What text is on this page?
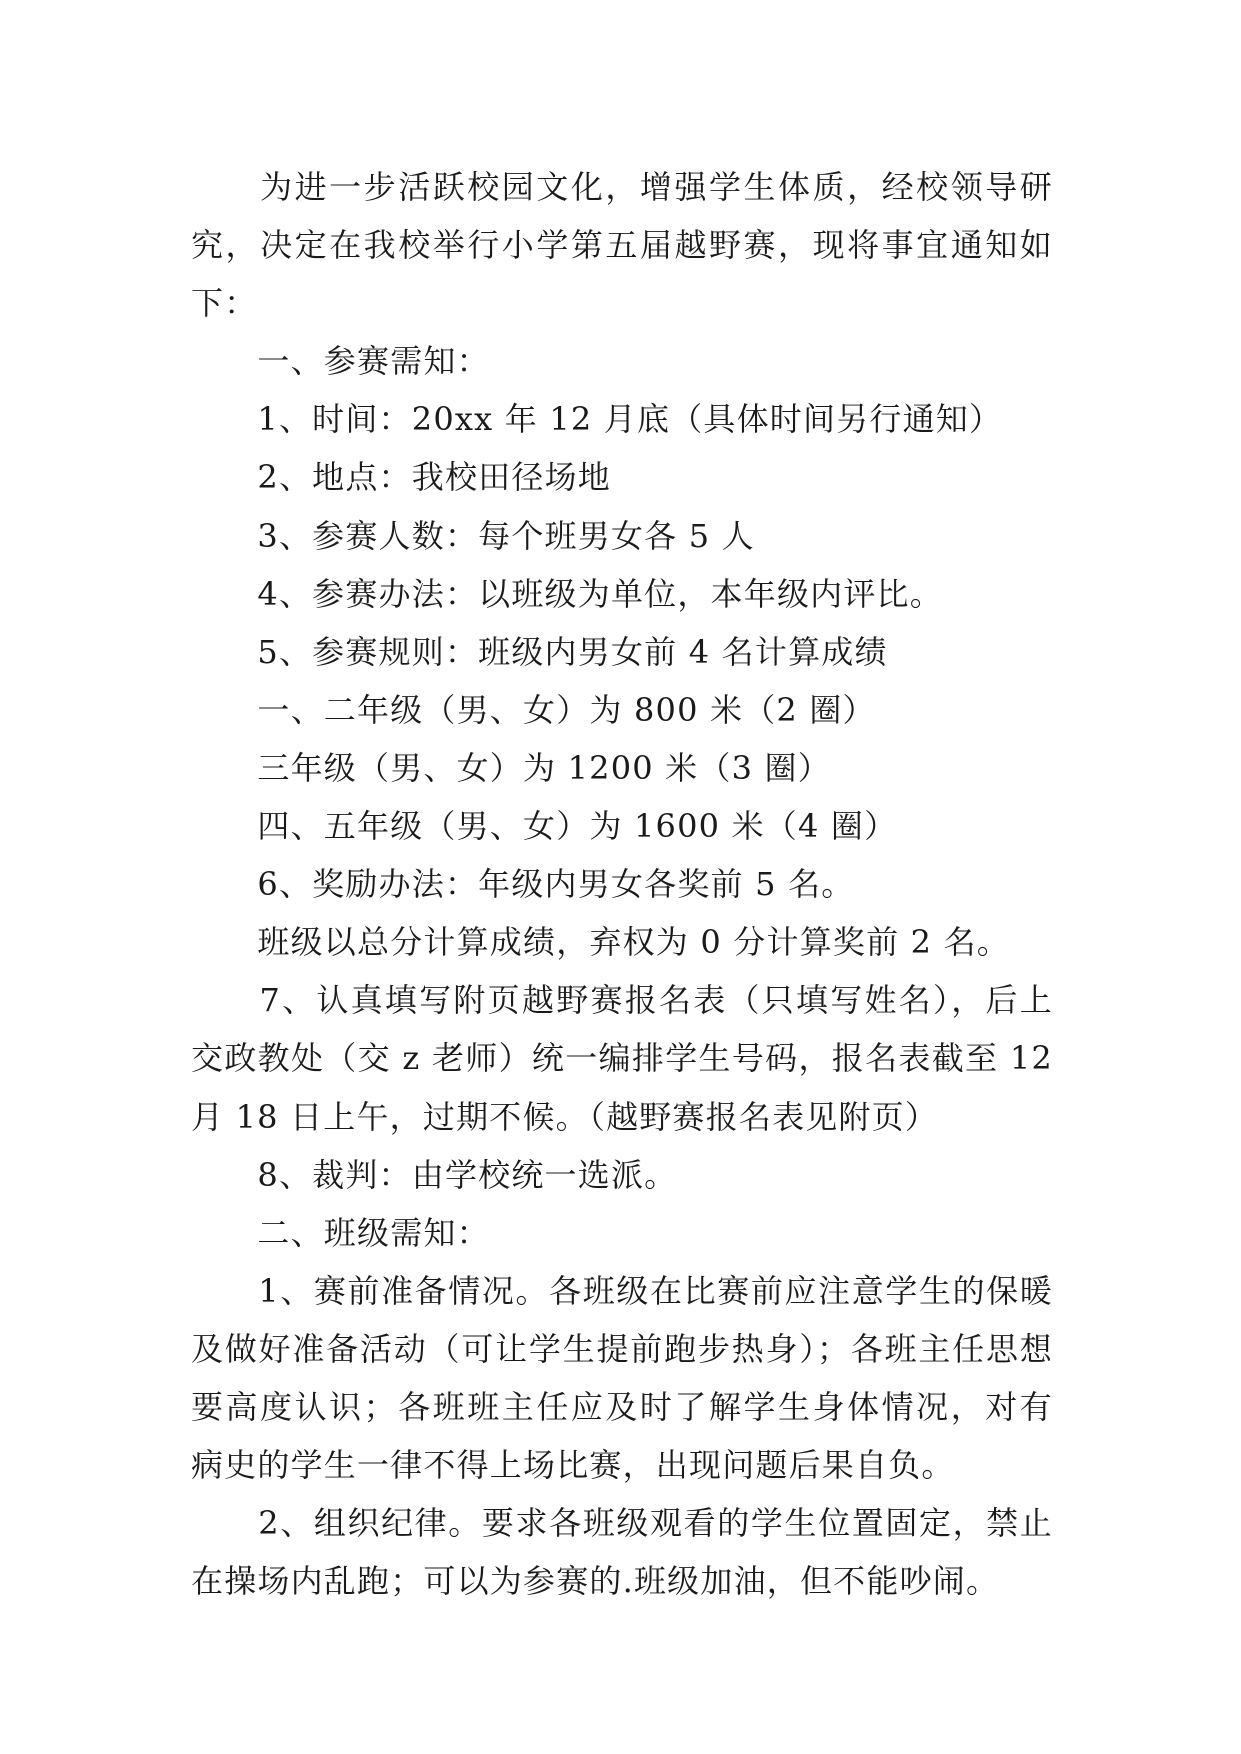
　　为进一步活跃校园文化，增强学生体质，经校领导研究，决定在我校举行小学第五届越野赛，现将事宜通知如下：

　　一、参赛需知：

　　1、时间：20xx 年 12 月底（具体时间另行通知）

　　2、地点：我校田径场地

　　3、参赛人数：每个班男女各 5 人

　　4、参赛办法：以班级为单位，本年级内评比。

　　5、参赛规则：班级内男女前 4 名计算成绩

　　一、二年级（男、女）为 800 米（2 圈）

　　三年级（男、女）为 1200 米（3 圈）

　　四、五年级（男、女）为 1600 米（4 圈）

　　6、奖励办法：年级内男女各奖前 5 名。

　　班级以总分计算成绩，弃权为 0 分计算奖前 2 名。

　　7、认真填写附页越野赛报名表（只填写姓名），后上交政教处（交 z 老师）统一编排学生号码，报名表截至 12 月 18 日上午，过期不候。（越野赛报名表见附页）

　　8、裁判：由学校统一选派。

　　二、班级需知：

　　1、赛前准备情况。各班级在比赛前应注意学生的保暖及做好准备活动（可让学生提前跑步热身）；各班主任思想要高度认识；各班班主任应及时了解学生身体情况，对有病史的学生一律不得上场比赛，出现问题后果自负。

　　2、组织纪律。要求各班级观看的学生位置固定，禁止在操场内乱跑；可以为参赛的.班级加油，但不能吵闹。
